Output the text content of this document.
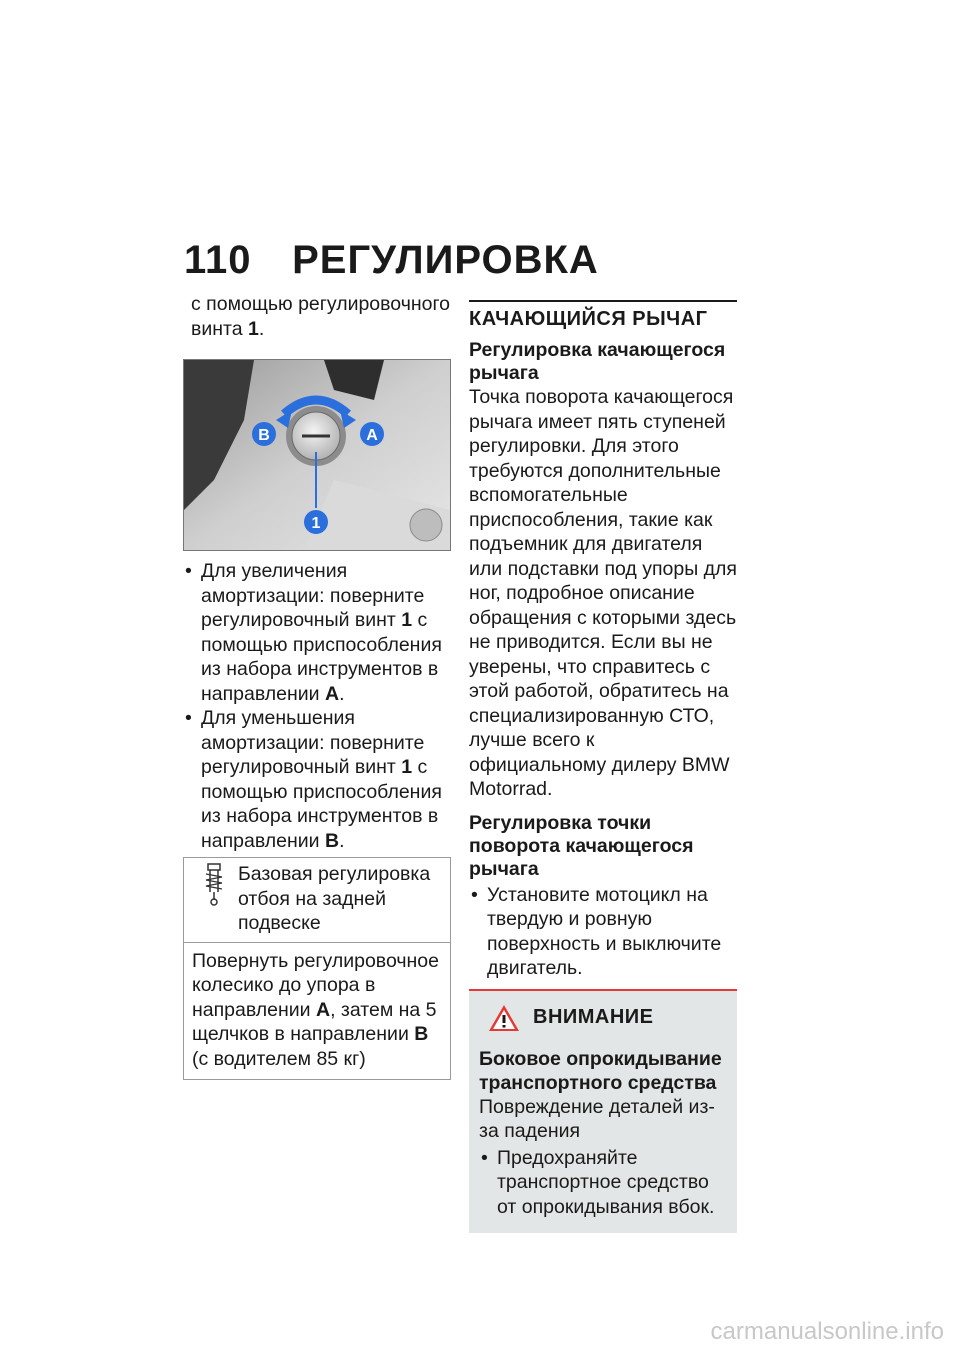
110 РЕГУЛИРОВКА

с помощью регулировочного винта 1.

B	A
1
• Для увеличения амортизации: поверните регулировочный винт 1 с помощью приспособления из набора инструментов в направлении A.
• Для уменьшения амортизации: поверните регулировочный винт 1 с помощью приспособления из набора инструментов в направлении B.

Базовая регулировка отбоя на задней подвеске

Повернуть регулировочное колесико до упора в направлении A, затем на 5 щелчков в направлении B (с водителем 85 кг)

КАЧАЮЩИЙСЯ РЫЧАГ
Регулировка качающегося рычага

Точка поворота качающегося рычага имеет пять ступеней регулировки. Для этого требуются дополнительные вспомогательные приспособления, такие как подъемник для двигателя или подставки под упоры для ног, подробное описание обращения с которыми здесь не приводится. Если вы не уверены, что справитесь с этой работой, обратитесь на специализированную СТО, лучше всего к официальному дилеру BMW Motorrad.

Регулировка точки поворота качающегося рычага
• Установите мотоцикл на твердую и ровную поверхность и выключите двигатель.
ВНИМАНИЕ
Боковое опрокидывание транспортного средства

Повреждение деталей из-за падения

• Предохраняйте транспортное средство от опрокидывания вбок.
carmanualsonline.info
